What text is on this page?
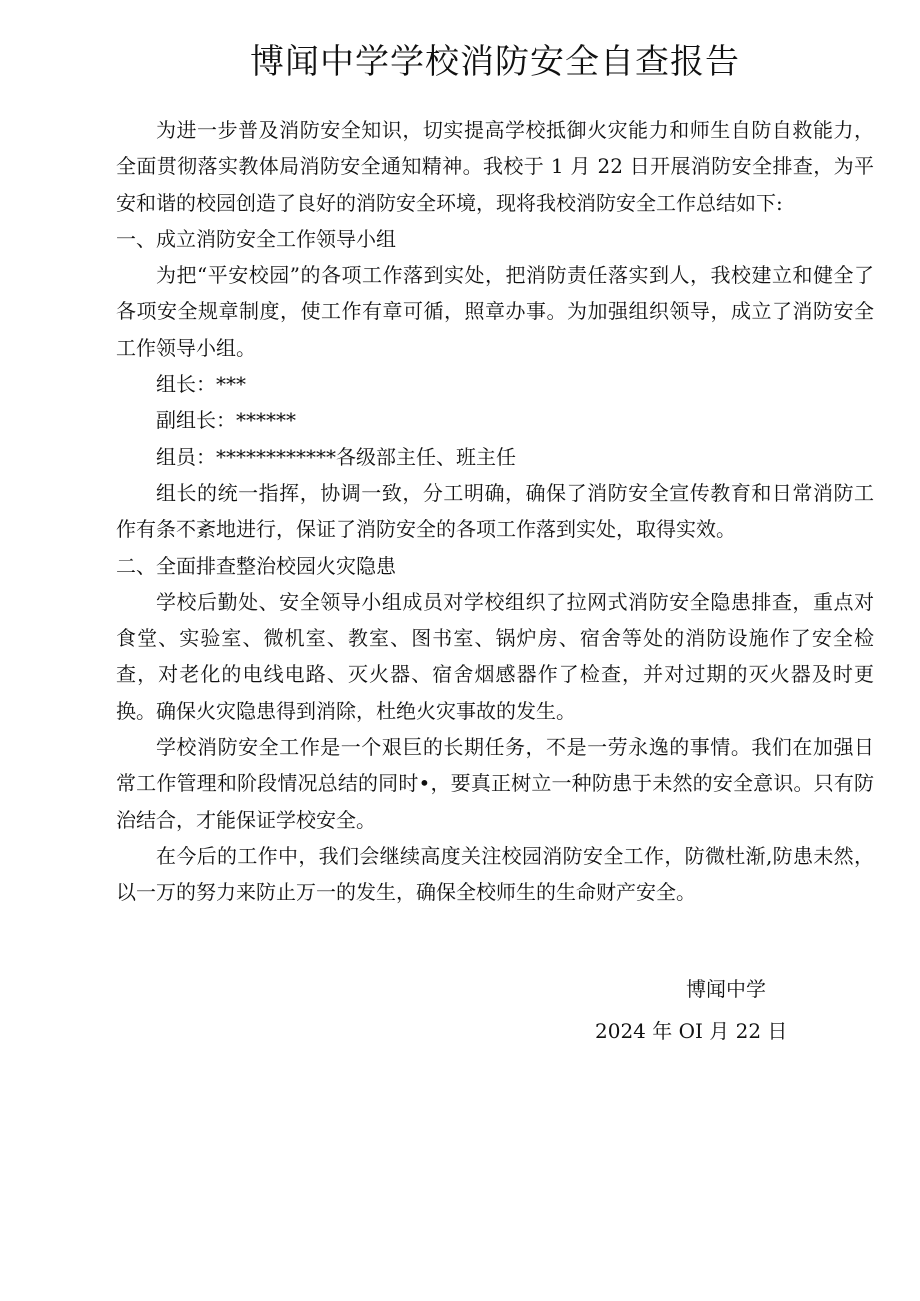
博闻中学学校消防安全自查报告

为进一步普及消防安全知识，切实提高学校抵御火灾能力和师生自防自救能力，全面贯彻落实教体局消防安全通知精神。我校于 1 月 22 日开展消防安全排查，为平安和谐的校园创造了良好的消防安全环境，现将我校消防安全工作总结如下:

一、成立消防安全工作领导小组

为把“平安校园”的各项工作落到实处，把消防责任落实到人，我校建立和健全了各项安全规章制度，使工作有章可循，照章办事。为加强组织领导，成立了消防安全工作领导小组。

组长：***

副组长：******

组员：************各级部主任、班主任

组长的统一指挥，协调一致，分工明确，确保了消防安全宣传教育和日常消防工作有条不紊地进行，保证了消防安全的各项工作落到实处，取得实效。

二、全面排查整治校园火灾隐患

学校后勤处、安全领导小组成员对学校组织了拉网式消防安全隐患排查，重点对食堂、实验室、微机室、教室、图书室、锅炉房、宿舍等处的消防设施作了安全检查，对老化的电线电路、灭火器、宿舍烟感器作了检查，并对过期的灭火器及时更换。确保火灾隐患得到消除，杜绝火灾事故的发生。

学校消防安全工作是一个艰巨的长期任务，不是一劳永逸的事情。我们在加强日常工作管理和阶段情况总结的同时•，要真正树立一种防患于未然的安全意识。只有防治结合，才能保证学校安全。

在今后的工作中，我们会继续高度关注校园消防安全工作，防微杜渐,防患未然，以一万的努力来防止万一的发生，确保全校师生的生命财产安全。

博闻中学
2024 年 OI 月 22 日
